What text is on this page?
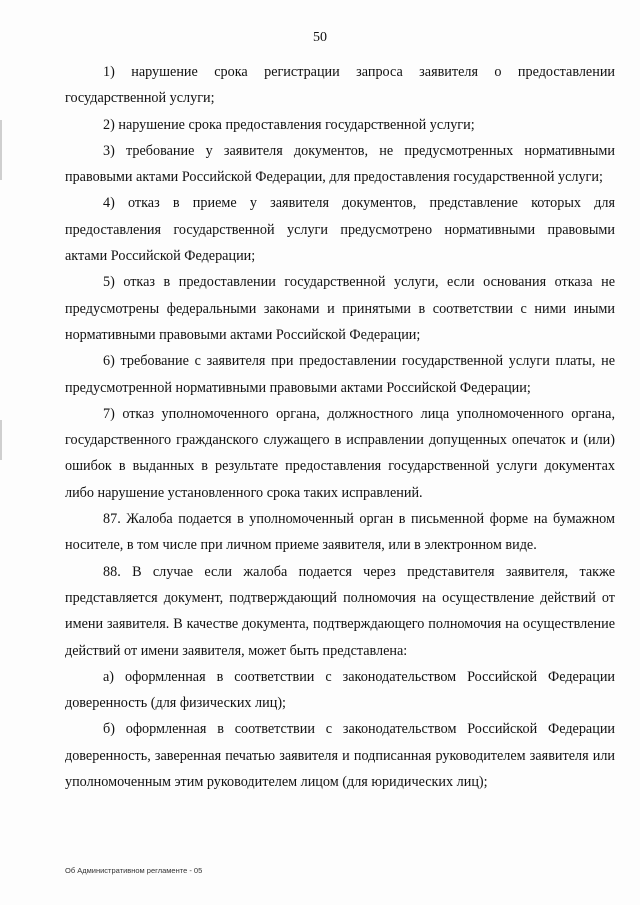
50

1) нарушение срока регистрации запроса заявителя о предоставлении государственной услуги;

2) нарушение срока предоставления государственной услуги;

3) требование у заявителя документов, не предусмотренных нормативными правовыми актами Российской Федерации, для предоставления государственной услуги;

4) отказ в приеме у заявителя документов, представление которых для предоставления государственной услуги предусмотрено нормативными правовыми актами Российской Федерации;

5) отказ в предоставлении государственной услуги, если основания отказа не предусмотрены федеральными законами и принятыми в соответствии с ними иными нормативными правовыми актами Российской Федерации;

6) требование с заявителя при предоставлении государственной услуги платы, не предусмотренной нормативными правовыми актами Российской Федерации;

7) отказ уполномоченного органа, должностного лица уполномоченного органа, государственного гражданского служащего в исправлении допущенных опечаток и (или) ошибок в выданных в результате предоставления государственной услуги документах либо нарушение установленного срока таких исправлений.

87. Жалоба подается в уполномоченный орган в письменной форме на бумажном носителе, в том числе при личном приеме заявителя, или в электронном виде.

88. В случае если жалоба подается через представителя заявителя, также представляется документ, подтверждающий полномочия на осуществление действий от имени заявителя. В качестве документа, подтверждающего полномочия на осуществление действий от имени заявителя, может быть представлена:

а) оформленная в соответствии с законодательством Российской Федерации доверенность (для физических лиц);

б) оформленная в соответствии с законодательством Российской Федерации доверенность, заверенная печатью заявителя и подписанная руководителем заявителя или уполномоченным этим руководителем лицом (для юридических лиц);

Об Административном регламенте - 05
